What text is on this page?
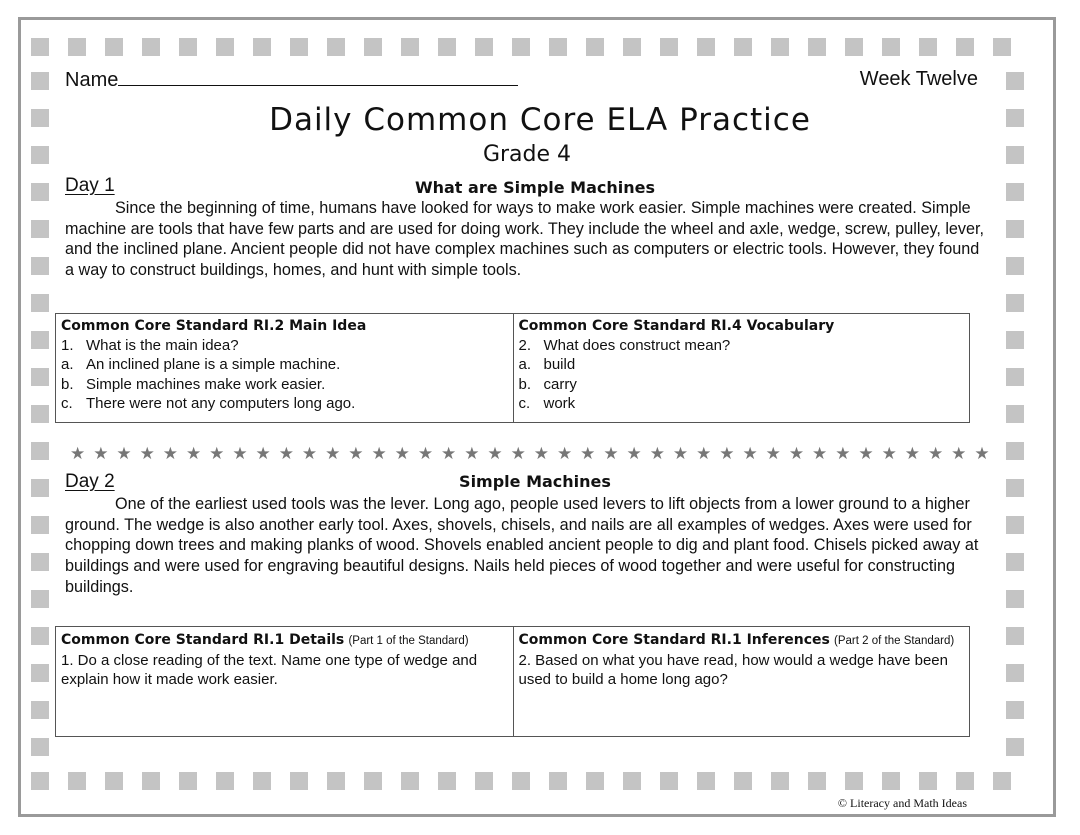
Name	Week Twelve
Daily Common Core ELA Practice
Grade 4
Day 1	What are Simple Machines
Since the beginning of time, humans have looked for ways to make work easier. Simple machines were created. Simple machine are tools that have few parts and are used for doing work. They include the wheel and axle, wedge, screw, pulley, lever, and the inclined plane. Ancient people did not have complex machines such as computers or electric tools. However, they found a way to construct buildings, homes, and hunt with simple tools.
Common Core Standard RI.2 Main Idea
1. What is the main idea?
a. An inclined plane is a simple machine.
b. Simple machines make work easier.
c. There were not any computers long ago.
Common Core Standard RI.4 Vocabulary
2. What does construct mean?
a. build
b. carry
c. work
★ ★ ★ ★ ★ ★ ★ ★ ★ ★ ★ ★ ★ ★ ★ ★ ★ ★ ★ ★ ★ ★ ★ ★ ★ ★ ★ ★ ★ ★ ★ ★ ★ ★ ★ ★ ★ ★ ★ ★
Day 2	Simple Machines
One of the earliest used tools was the lever. Long ago, people used levers to lift objects from a lower ground to a higher ground. The wedge is also another early tool. Axes, shovels, chisels, and nails are all examples of wedges. Axes were used for chopping down trees and making planks of wood. Shovels enabled ancient people to dig and plant food. Chisels picked away at buildings and were used for engraving beautiful designs. Nails held pieces of wood together and were useful for constructing buildings.
Common Core Standard RI.1 Details (Part 1 of the Standard)
1. Do a close reading of the text. Name one type of wedge and explain how it made work easier.
Common Core Standard RI.1 Inferences (Part 2 of the Standard)
2. Based on what you have read, how would a wedge have been used to build a home long ago?
© Literacy and Math Ideas
